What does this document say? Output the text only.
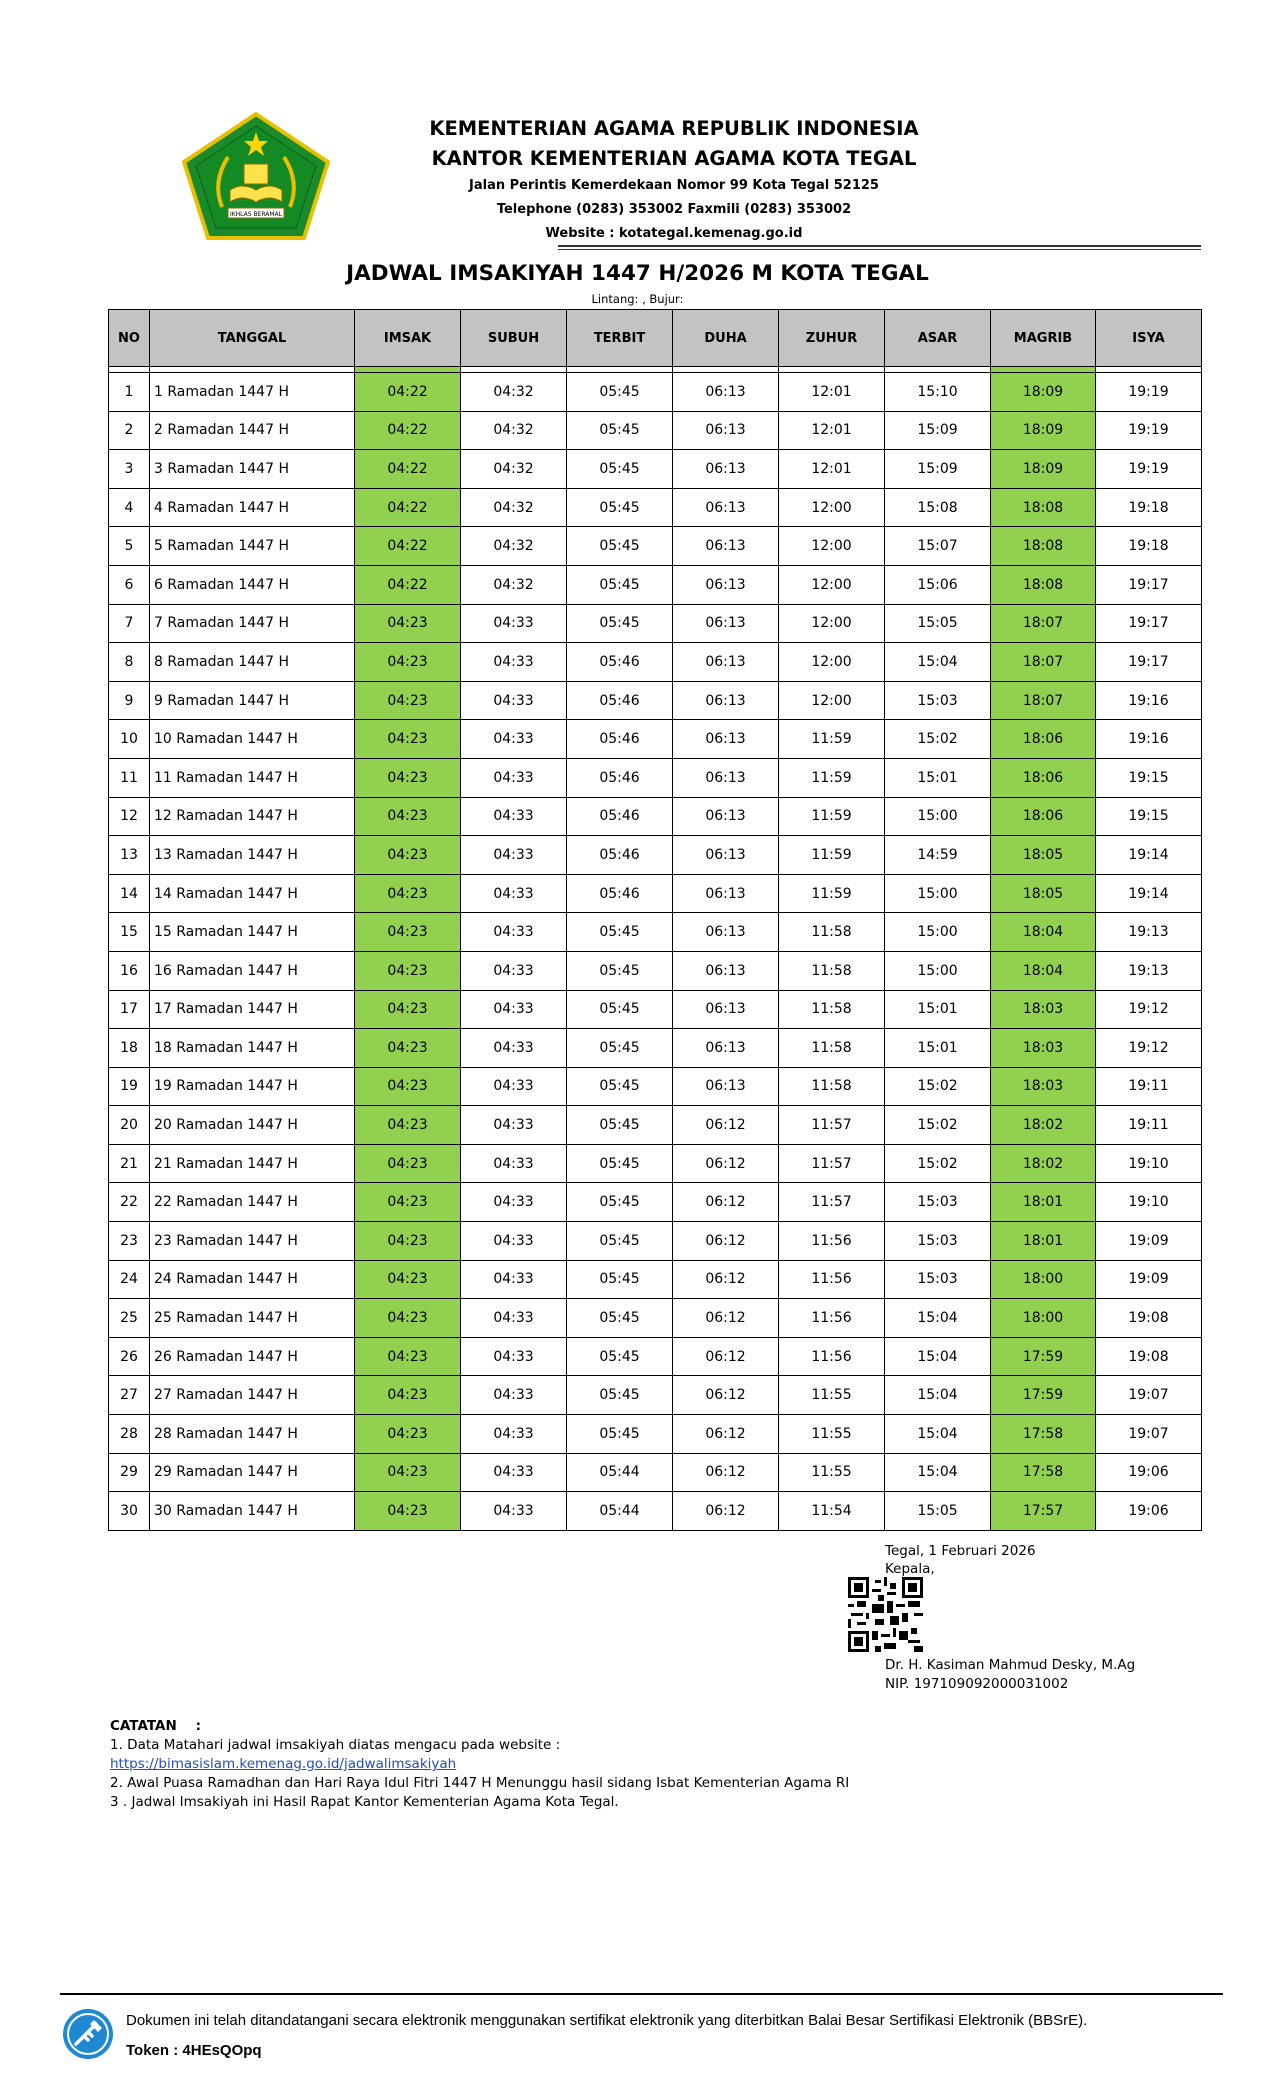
IKHLAS BERAMAL
KEMENTERIAN AGAMA REPUBLIK INDONESIA
KANTOR KEMENTERIAN AGAMA KOTA TEGAL
Jalan Perintis Kemerdekaan Nomor 99 Kota Tegal 52125
Telephone (0283) 353002 Faxmili (0283) 353002
Website : kotategal.kemenag.go.id
JADWAL IMSAKIYAH 1447 H/2026 M KOTA TEGAL
Lintang: , Bujur:
NO	TANGGAL	IMSAK	SUBUH	TERBIT	DUHA	ZUHUR	ASAR	MAGRIB	ISYA

1	1 Ramadan 1447 H	04:22	04:32	05:45	06:13	12:01	15:10	18:09	19:19
2	2 Ramadan 1447 H	04:22	04:32	05:45	06:13	12:01	15:09	18:09	19:19
3	3 Ramadan 1447 H	04:22	04:32	05:45	06:13	12:01	15:09	18:09	19:19
4	4 Ramadan 1447 H	04:22	04:32	05:45	06:13	12:00	15:08	18:08	19:18
5	5 Ramadan 1447 H	04:22	04:32	05:45	06:13	12:00	15:07	18:08	19:18
6	6 Ramadan 1447 H	04:22	04:32	05:45	06:13	12:00	15:06	18:08	19:17
7	7 Ramadan 1447 H	04:23	04:33	05:45	06:13	12:00	15:05	18:07	19:17
8	8 Ramadan 1447 H	04:23	04:33	05:46	06:13	12:00	15:04	18:07	19:17
9	9 Ramadan 1447 H	04:23	04:33	05:46	06:13	12:00	15:03	18:07	19:16
10	10 Ramadan 1447 H	04:23	04:33	05:46	06:13	11:59	15:02	18:06	19:16
11	11 Ramadan 1447 H	04:23	04:33	05:46	06:13	11:59	15:01	18:06	19:15
12	12 Ramadan 1447 H	04:23	04:33	05:46	06:13	11:59	15:00	18:06	19:15
13	13 Ramadan 1447 H	04:23	04:33	05:46	06:13	11:59	14:59	18:05	19:14
14	14 Ramadan 1447 H	04:23	04:33	05:46	06:13	11:59	15:00	18:05	19:14
15	15 Ramadan 1447 H	04:23	04:33	05:45	06:13	11:58	15:00	18:04	19:13
16	16 Ramadan 1447 H	04:23	04:33	05:45	06:13	11:58	15:00	18:04	19:13
17	17 Ramadan 1447 H	04:23	04:33	05:45	06:13	11:58	15:01	18:03	19:12
18	18 Ramadan 1447 H	04:23	04:33	05:45	06:13	11:58	15:01	18:03	19:12
19	19 Ramadan 1447 H	04:23	04:33	05:45	06:13	11:58	15:02	18:03	19:11
20	20 Ramadan 1447 H	04:23	04:33	05:45	06:12	11:57	15:02	18:02	19:11
21	21 Ramadan 1447 H	04:23	04:33	05:45	06:12	11:57	15:02	18:02	19:10
22	22 Ramadan 1447 H	04:23	04:33	05:45	06:12	11:57	15:03	18:01	19:10
23	23 Ramadan 1447 H	04:23	04:33	05:45	06:12	11:56	15:03	18:01	19:09
24	24 Ramadan 1447 H	04:23	04:33	05:45	06:12	11:56	15:03	18:00	19:09
25	25 Ramadan 1447 H	04:23	04:33	05:45	06:12	11:56	15:04	18:00	19:08
26	26 Ramadan 1447 H	04:23	04:33	05:45	06:12	11:56	15:04	17:59	19:08
27	27 Ramadan 1447 H	04:23	04:33	05:45	06:12	11:55	15:04	17:59	19:07
28	28 Ramadan 1447 H	04:23	04:33	05:45	06:12	11:55	15:04	17:58	19:07
29	29 Ramadan 1447 H	04:23	04:33	05:44	06:12	11:55	15:04	17:58	19:06
30	30 Ramadan 1447 H	04:23	04:33	05:44	06:12	11:54	15:05	17:57	19:06
Tegal, 1 Februari 2026
Kepala,
Dr. H. Kasiman Mahmud Desky, M.Ag
NIP. 197109092000031002
CATATAN    :
1. Data Matahari jadwal imsakiyah diatas mengacu pada website :
https://bimasislam.kemenag.go.id/jadwalimsakiyah
2. Awal Puasa Ramadhan dan Hari Raya Idul Fitri 1447 H Menunggu hasil sidang Isbat Kementerian Agama RI
3 . Jadwal Imsakiyah ini Hasil Rapat Kantor Kementerian Agama Kota Tegal.
Dokumen ini telah ditandatangani secara elektronik menggunakan sertifikat elektronik yang diterbitkan Balai Besar Sertifikasi Elektronik (BBSrE).
Token : 4HEsQOpq
